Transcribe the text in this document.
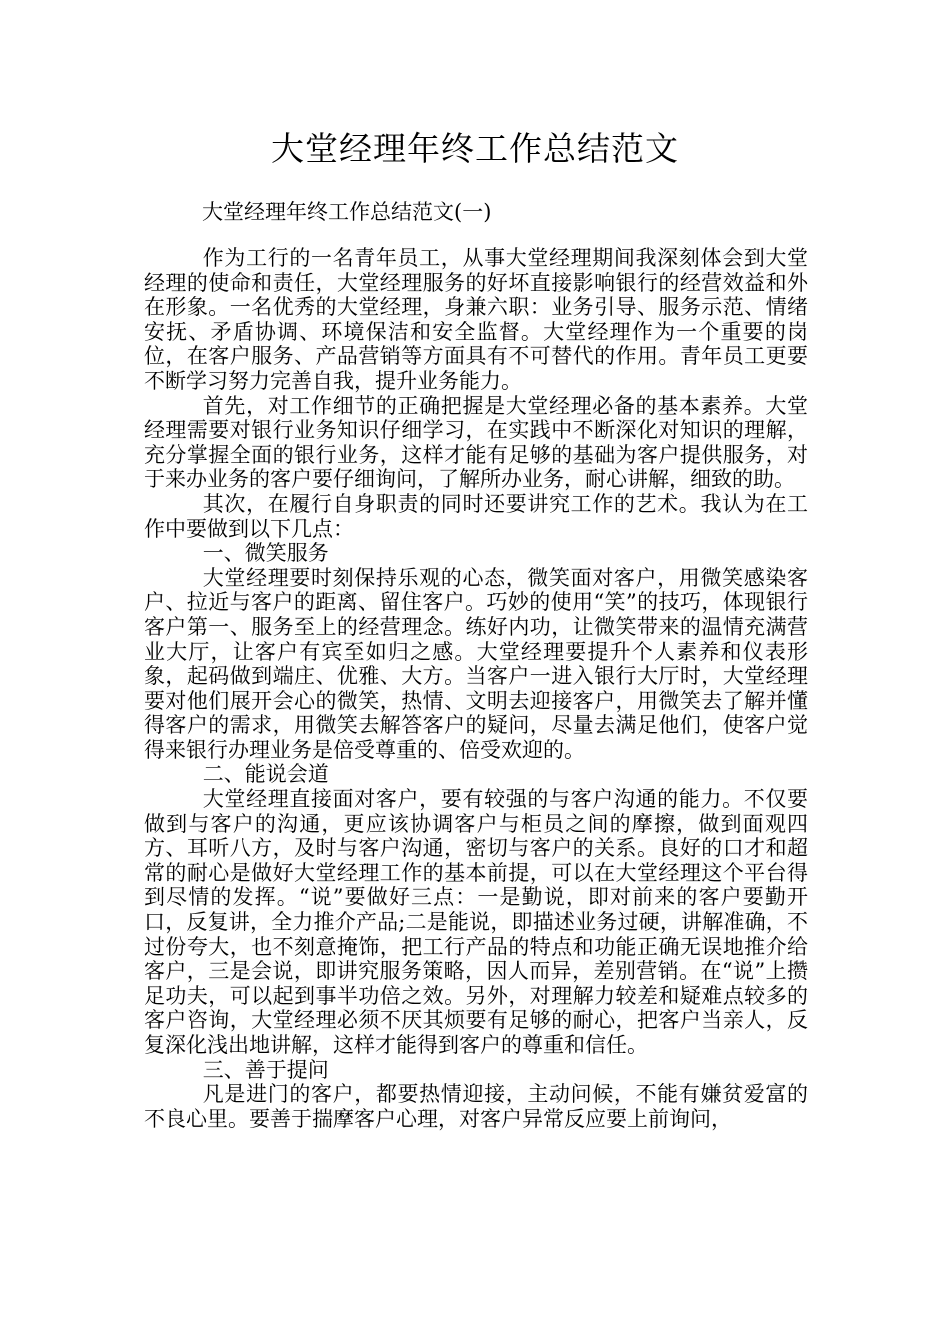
大堂经理年终工作总结范文
大堂经理年终工作总结范文(一)

作为工行的一名青年员工，从事大堂经理期间我深刻体会到大堂经理的使命和责任，大堂经理服务的好坏直接影响银行的经营效益和外在形象。一名优秀的大堂经理，身兼六职：业务引导、服务示范、情绪安抚、矛盾协调、环境保洁和安全监督。大堂经理作为一个重要的岗位，在客户服务、产品营销等方面具有不可替代的作用。青年员工更要不断学习努力完善自我，提升业务能力。

首先，对工作细节的正确把握是大堂经理必备的基本素养。大堂经理需要对银行业务知识仔细学习，在实践中不断深化对知识的理解，充分掌握全面的银行业务，这样才能有足够的基础为客户提供服务，对于来办业务的客户要仔细询问，了解所办业务，耐心讲解，细致的助。

其次，在履行自身职责的同时还要讲究工作的艺术。我认为在工作中要做到以下几点：

一、微笑服务

大堂经理要时刻保持乐观的心态，微笑面对客户，用微笑感染客户、拉近与客户的距离、留住客户。巧妙的使用“笑”的技巧，体现银行客户第一、服务至上的经营理念。练好内功，让微笑带来的温情充满营业大厅，让客户有宾至如归之感。大堂经理要提升个人素养和仪表形象，起码做到端庄、优雅、大方。当客户一进入银行大厅时，大堂经理要对他们展开会心的微笑，热情、文明去迎接客户，用微笑去了解并懂得客户的需求，用微笑去解答客户的疑问，尽量去满足他们，使客户觉得来银行办理业务是倍受尊重的、倍受欢迎的。

二、能说会道

大堂经理直接面对客户，要有较强的与客户沟通的能力。不仅要做到与客户的沟通，更应该协调客户与柜员之间的摩擦，做到面观四方、耳听八方，及时与客户沟通，密切与客户的关系。良好的口才和超常的耐心是做好大堂经理工作的基本前提，可以在大堂经理这个平台得到尽情的发挥。“说”要做好三点：一是勤说，即对前来的客户要勤开口，反复讲，全力推介产品;二是能说，即描述业务过硬，讲解准确，不过份夸大，也不刻意掩饰，把工行产品的特点和功能正确无误地推介给客户，三是会说，即讲究服务策略，因人而异，差别营销。在“说”上攒足功夫，可以起到事半功倍之效。另外，对理解力较差和疑难点较多的客户咨询，大堂经理必须不厌其烦要有足够的耐心，把客户当亲人，反复深化浅出地讲解，这样才能得到客户的尊重和信任。

三、善于提问

凡是进门的客户，都要热情迎接，主动问候，不能有嫌贫爱富的不良心里。要善于揣摩客户心理，对客户异常反应要上前询问，
